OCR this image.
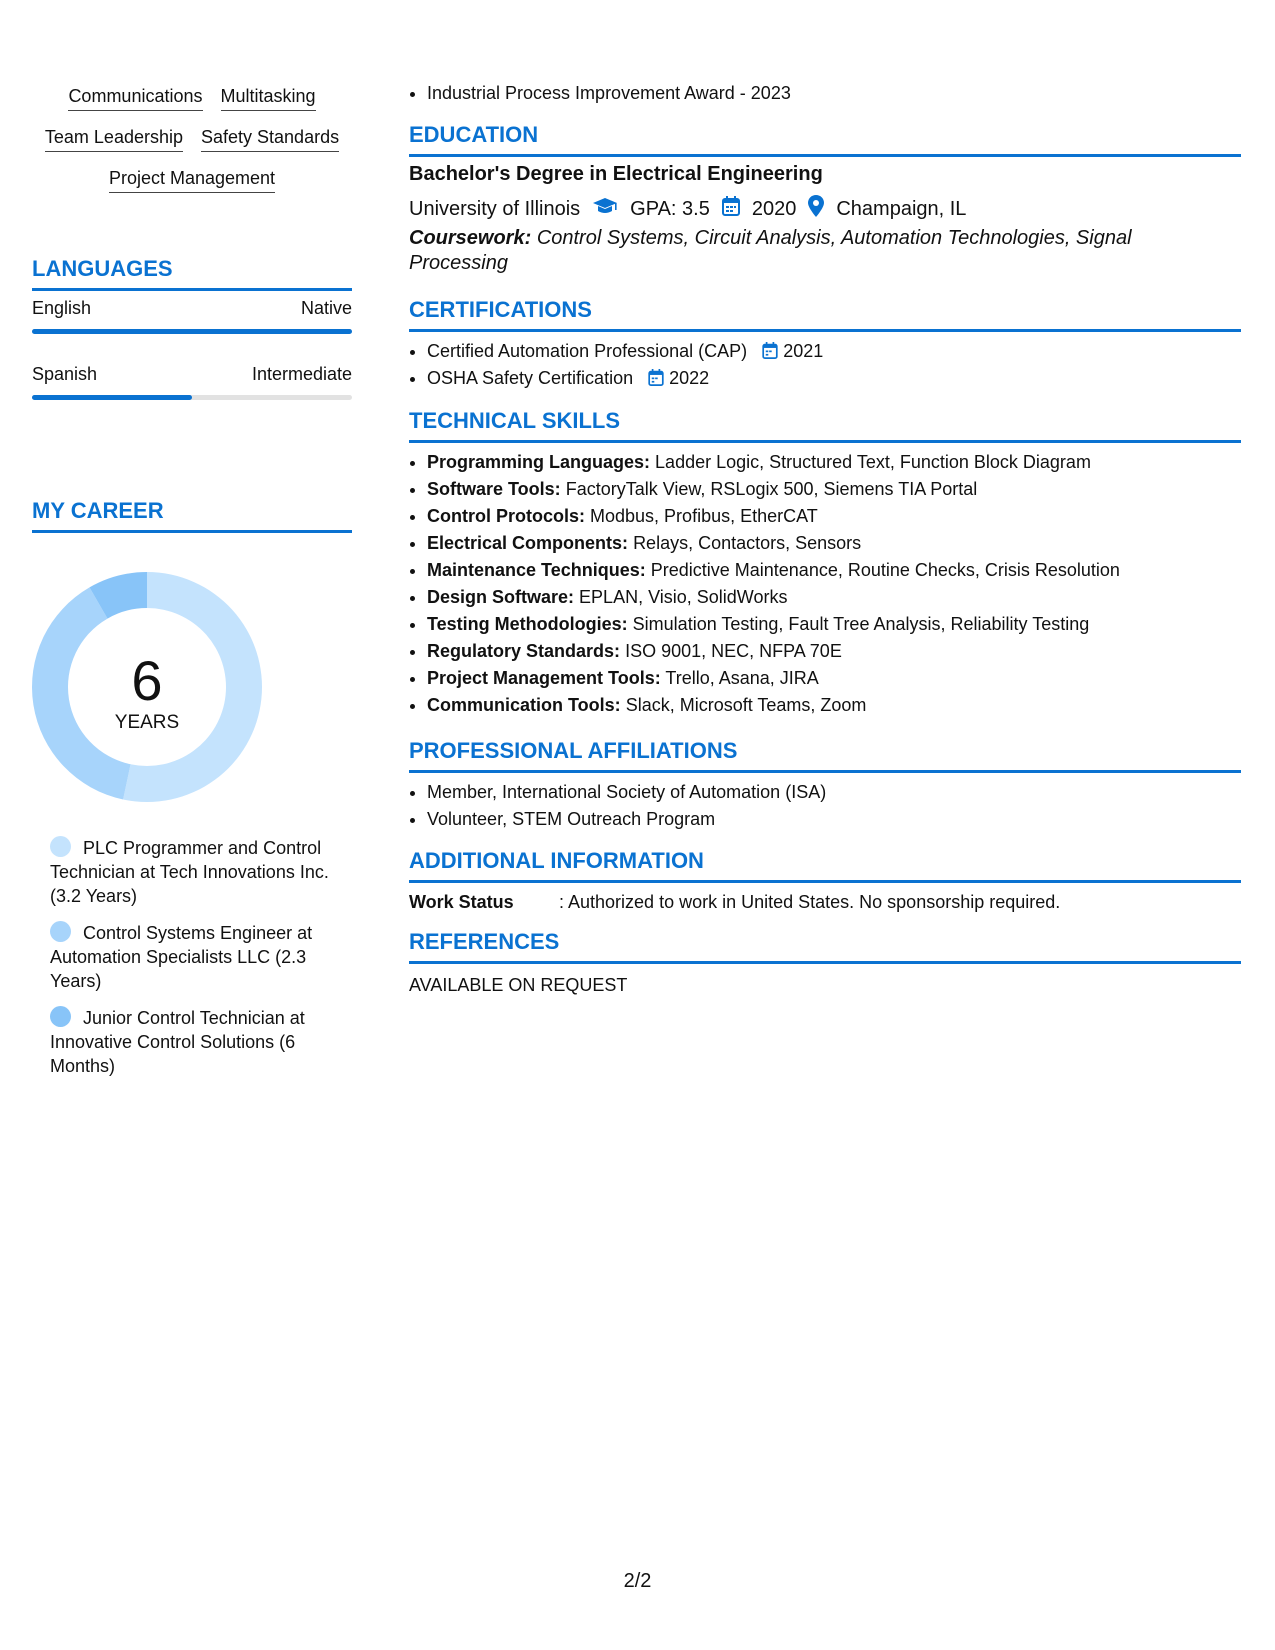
Communications Multitasking
Team Leadership Safety Standards
Project Management
LANGUAGES
English	Native
Spanish	Intermediate
MY CAREER
6
YEARS
PLC Programmer and Control Technician at Tech Innovations Inc. (3.2 Years)
Control Systems Engineer at Automation Specialists LLC (2.3 Years)
Junior Control Technician at Innovative Control Solutions (6 Months)
• Industrial Process Improvement Award - 2023
EDUCATION
Bachelor's Degree in Electrical Engineering
University of Illinois	GPA: 3.5 2020 Champaign, IL
Coursework: Control Systems, Circuit Analysis, Automation Technologies, Signal Processing
CERTIFICATIONS
• Certified Automation Professional (CAP) 2021
• OSHA Safety Certification 2022
TECHNICAL SKILLS
• Programming Languages: Ladder Logic, Structured Text, Function Block Diagram
• Software Tools: FactoryTalk View, RSLogix 500, Siemens TIA Portal
• Control Protocols: Modbus, Profibus, EtherCAT
• Electrical Components: Relays, Contactors, Sensors
• Maintenance Techniques: Predictive Maintenance, Routine Checks, Crisis Resolution
• Design Software: EPLAN, Visio, SolidWorks
• Testing Methodologies: Simulation Testing, Fault Tree Analysis, Reliability Testing
• Regulatory Standards: ISO 9001, NEC, NFPA 70E
• Project Management Tools: Trello, Asana, JIRA
• Communication Tools: Slack, Microsoft Teams, Zoom
PROFESSIONAL AFFILIATIONS
• Member, International Society of Automation (ISA)
• Volunteer, STEM Outreach Program
ADDITIONAL INFORMATION
Work Status	: Authorized to work in United States. No sponsorship required.
REFERENCES
AVAILABLE ON REQUEST
2/2
